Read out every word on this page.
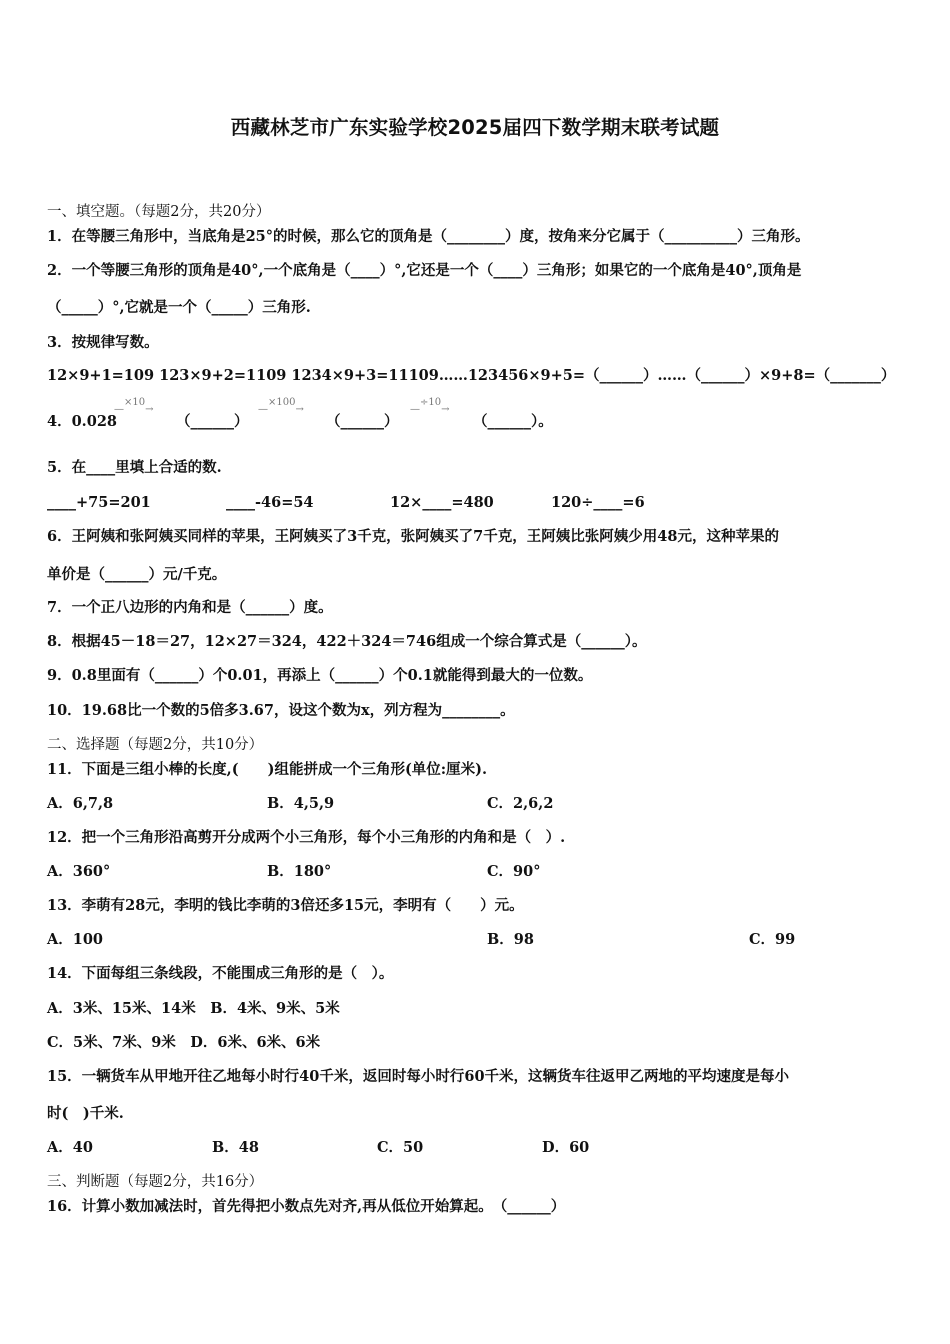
西藏林芝市广东实验学校2025届四下数学期末联考试题
一、填空题。（每题2分，共20分）
1．在等腰三角形中，当底角是25°的时候，那么它的顶角是（________）度，按角来分它属于（__________）三角形。
2．一个等腰三角形的顶角是40°,一个底角是（____）°,它还是一个（____）三角形；如果它的一个底角是40°,顶角是
（_____）°,它就是一个（_____）三角形.
3．按规律写数。
12×9+1=109 123×9+2=1109 1234×9+3=11109……123456×9+5=（______）……（______）×9+8=（_______）
4．0.028
—×10→
（______）
—×100→
（______）
—÷10→
（______）。
5．在____里填上合适的数.
____+75=201	____-46=54	12×____=480	120÷____=6
6．王阿姨和张阿姨买同样的苹果，王阿姨买了3千克，张阿姨买了7千克，王阿姨比张阿姨少用48元，这种苹果的
单价是（______）元/千克。
7．一个正八边形的内角和是（______）度。
8．根据45－18＝27，12×27＝324，422＋324＝746组成一个综合算式是（______）。
9．0.8里面有（______）个0.01，再添上（______）个0.1就能得到最大的一位数。
10．19.68比一个数的5倍多3.67，设这个数为x，列方程为________。
二、选择题（每题2分，共10分）
11．下面是三组小棒的长度,(　　)组能拼成一个三角形(单位:厘米).
A．6,7,8	B．4,5,9	C．2,6,2
12．把一个三角形沿高剪开分成两个小三角形，每个小三角形的内角和是（　）.
A．360°	B．180°	C．90°
13．李萌有28元，李明的钱比李萌的3倍还多15元，李明有（　　）元。
A．100	B．98	C．99
14．下面每组三条线段，不能围成三角形的是（　）。
A．3米、15米、14米　B．4米、9米、5米
C．5米、7米、9米　D．6米、6米、6米
15．一辆货车从甲地开往乙地每小时行40千米，返回时每小时行60千米，这辆货车往返甲乙两地的平均速度是每小
时(　)千米.
A．40	B．48	C．50	D．60
三、判断题（每题2分，共16分）
16．计算小数加减法时，首先得把小数点先对齐,再从低位开始算起。　（______）
